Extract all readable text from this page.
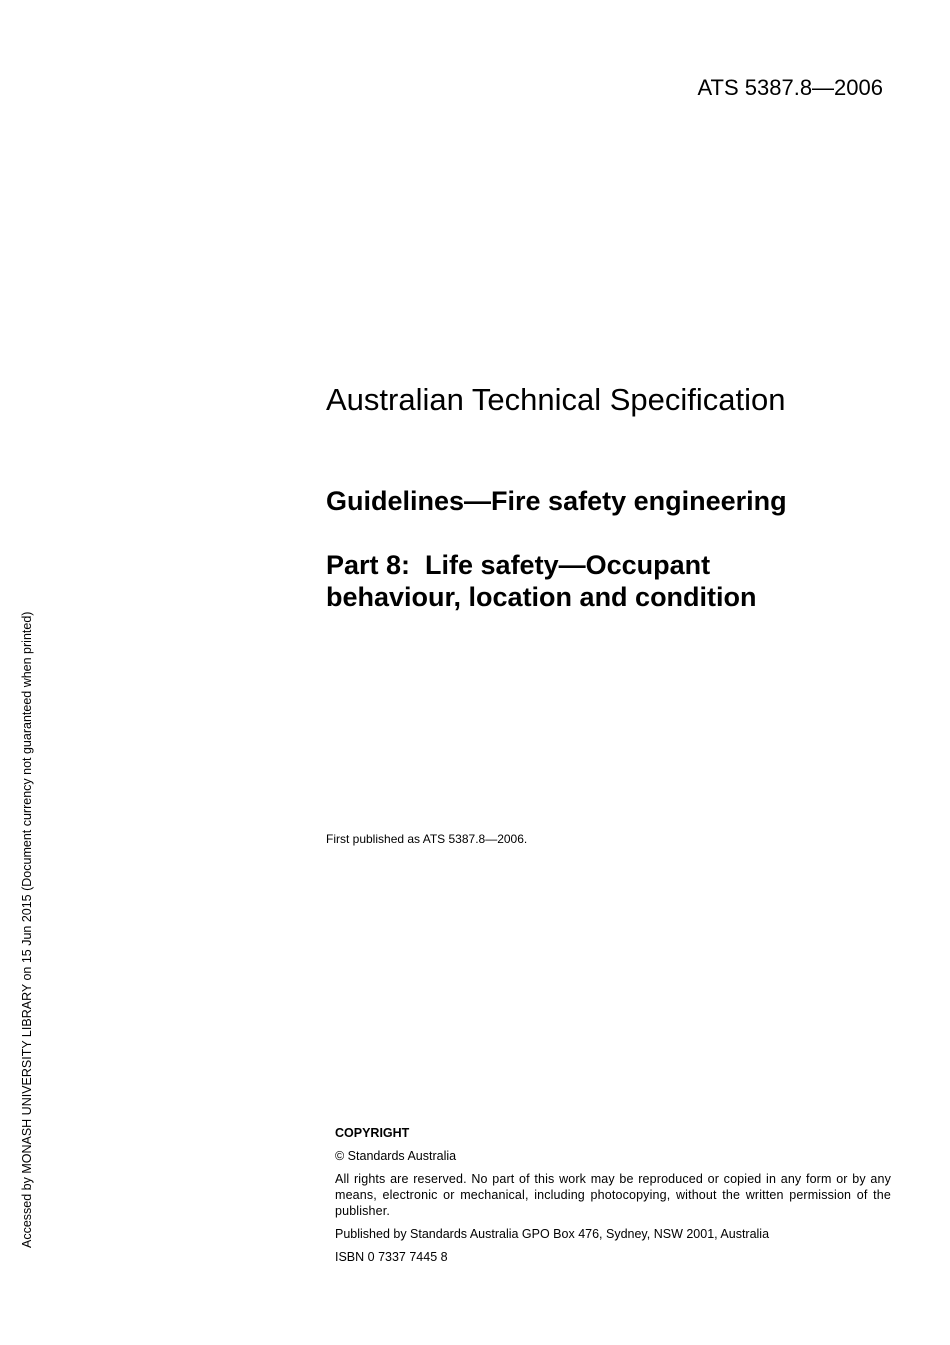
ATS 5387.8—2006
Australian Technical Specification
Guidelines—Fire safety engineering
Part 8:  Life safety—Occupant
behaviour, location and condition
First published as ATS 5387.8—2006.

COPYRIGHT

© Standards Australia

All rights are reserved. No part of this work may be reproduced or copied in any form or by any means, electronic or mechanical, including photocopying, without the written permission of the publisher.

Published by Standards Australia GPO Box 476, Sydney, NSW 2001, Australia

ISBN 0 7337 7445 8

Accessed by MONASH UNIVERSITY LIBRARY on 15 Jun 2015 (Document currency not guaranteed when printed)
